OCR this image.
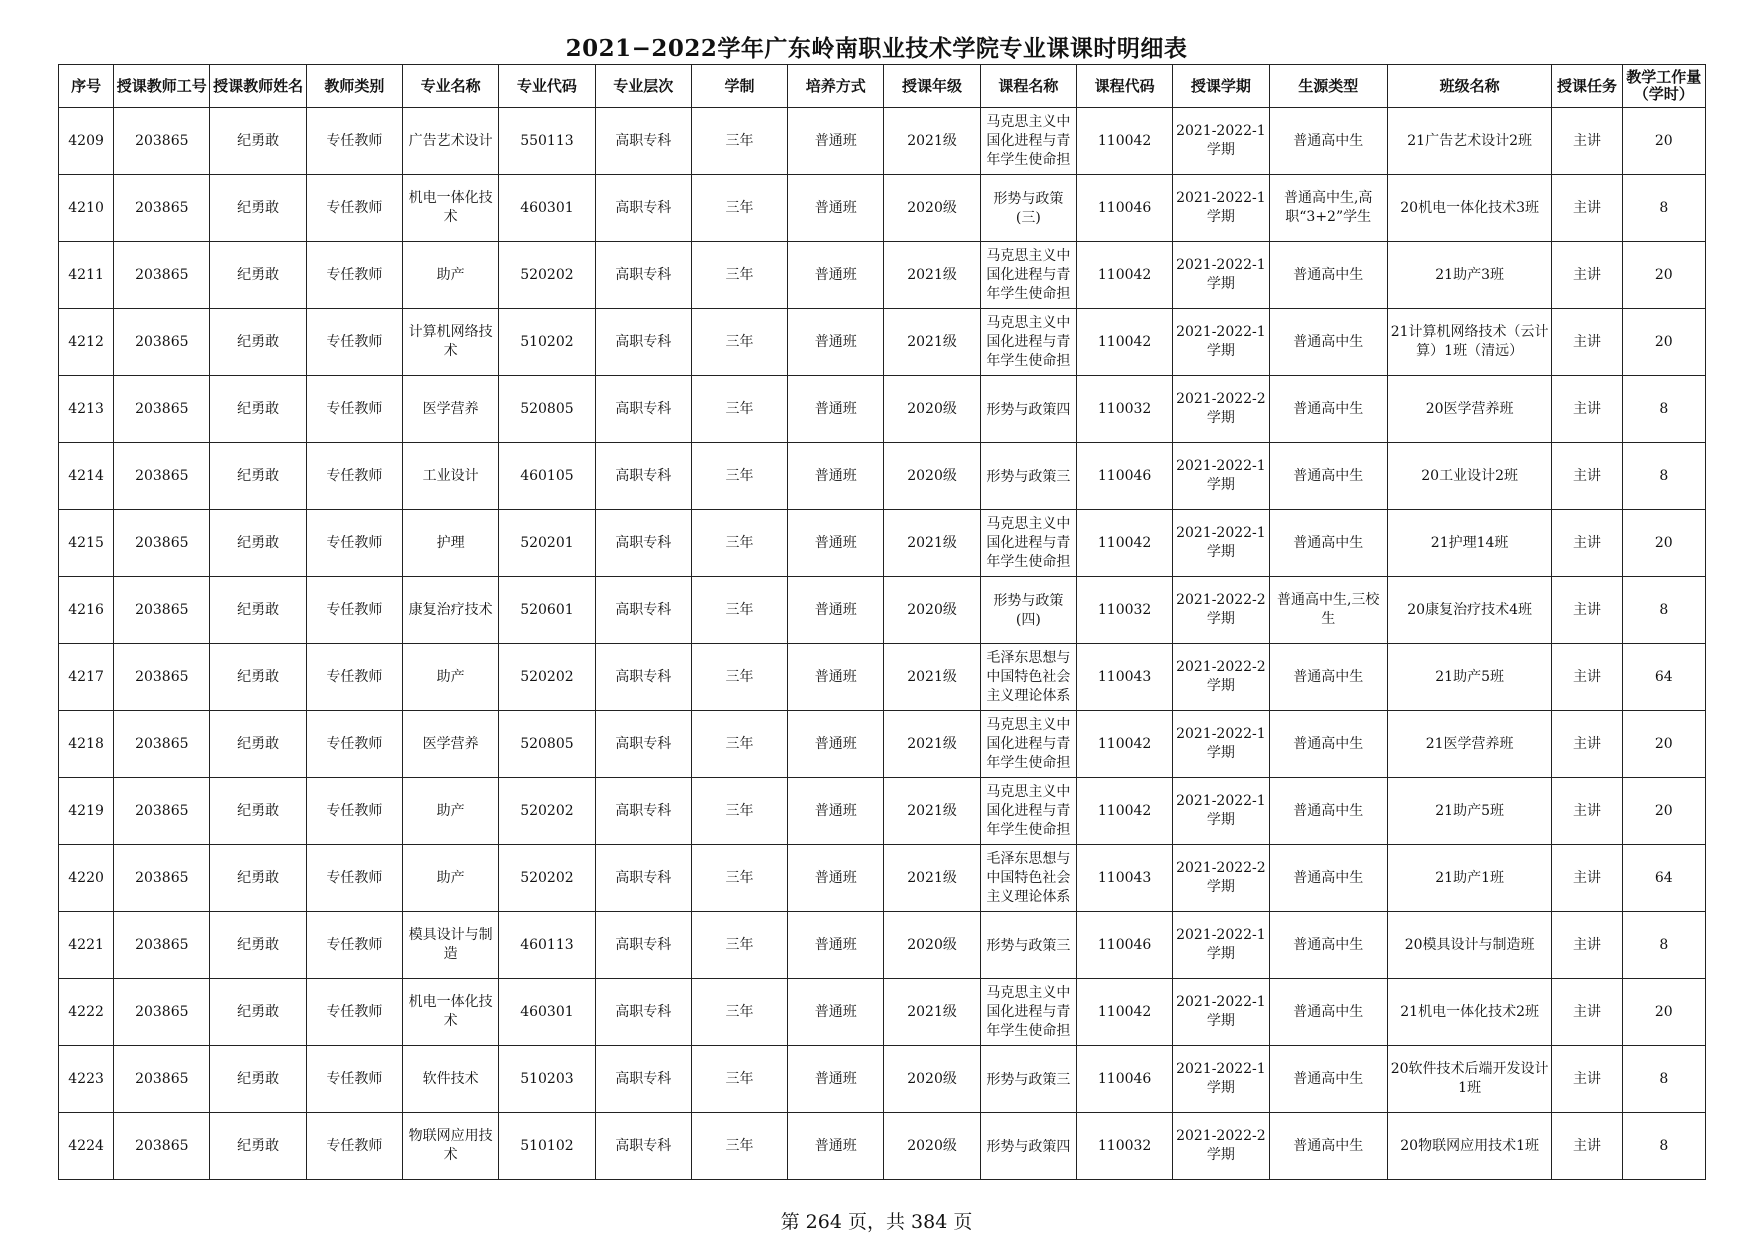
2021−2022学年广东岭南职业技术学院专业课课时明细表
序号	授课教师工号	授课教师姓名	教师类别	专业名称	专业代码	专业层次	学制	培养方式	授课年级	课程名称	课程代码	授课学期	生源类型	班级名称	授课任务	教学工作量（学时）
4209	203865	纪勇敢	专任教师	广告艺术设计	550113	高职专科	三年	普通班	2021级	马克思主义中国化进程与青年学生使命担	110042	2021-2022-1学期	普通高中生	21广告艺术设计2班	主讲	20
4210	203865	纪勇敢	专任教师	机电一体化技术	460301	高职专科	三年	普通班	2020级	形势与政策(三)	110046	2021-2022-1学期	普通高中生,高职“3+2”学生	20机电一体化技术3班	主讲	8
4211	203865	纪勇敢	专任教师	助产	520202	高职专科	三年	普通班	2021级	马克思主义中国化进程与青年学生使命担	110042	2021-2022-1学期	普通高中生	21助产3班	主讲	20
4212	203865	纪勇敢	专任教师	计算机网络技术	510202	高职专科	三年	普通班	2021级	马克思主义中国化进程与青年学生使命担	110042	2021-2022-1学期	普通高中生	21计算机网络技术（云计算）1班（清远）	主讲	20
4213	203865	纪勇敢	专任教师	医学营养	520805	高职专科	三年	普通班	2020级	形势与政策四	110032	2021-2022-2学期	普通高中生	20医学营养班	主讲	8
4214	203865	纪勇敢	专任教师	工业设计	460105	高职专科	三年	普通班	2020级	形势与政策三	110046	2021-2022-1学期	普通高中生	20工业设计2班	主讲	8
4215	203865	纪勇敢	专任教师	护理	520201	高职专科	三年	普通班	2021级	马克思主义中国化进程与青年学生使命担	110042	2021-2022-1学期	普通高中生	21护理14班	主讲	20
4216	203865	纪勇敢	专任教师	康复治疗技术	520601	高职专科	三年	普通班	2020级	形势与政策(四)	110032	2021-2022-2学期	普通高中生,三校生	20康复治疗技术4班	主讲	8
4217	203865	纪勇敢	专任教师	助产	520202	高职专科	三年	普通班	2021级	毛泽东思想与中国特色社会主义理论体系	110043	2021-2022-2学期	普通高中生	21助产5班	主讲	64
4218	203865	纪勇敢	专任教师	医学营养	520805	高职专科	三年	普通班	2021级	马克思主义中国化进程与青年学生使命担	110042	2021-2022-1学期	普通高中生	21医学营养班	主讲	20
4219	203865	纪勇敢	专任教师	助产	520202	高职专科	三年	普通班	2021级	马克思主义中国化进程与青年学生使命担	110042	2021-2022-1学期	普通高中生	21助产5班	主讲	20
4220	203865	纪勇敢	专任教师	助产	520202	高职专科	三年	普通班	2021级	毛泽东思想与中国特色社会主义理论体系	110043	2021-2022-2学期	普通高中生	21助产1班	主讲	64
4221	203865	纪勇敢	专任教师	模具设计与制造	460113	高职专科	三年	普通班	2020级	形势与政策三	110046	2021-2022-1学期	普通高中生	20模具设计与制造班	主讲	8
4222	203865	纪勇敢	专任教师	机电一体化技术	460301	高职专科	三年	普通班	2021级	马克思主义中国化进程与青年学生使命担	110042	2021-2022-1学期	普通高中生	21机电一体化技术2班	主讲	20
4223	203865	纪勇敢	专任教师	软件技术	510203	高职专科	三年	普通班	2020级	形势与政策三	110046	2021-2022-1学期	普通高中生	20软件技术后端开发设计1班	主讲	8
4224	203865	纪勇敢	专任教师	物联网应用技术	510102	高职专科	三年	普通班	2020级	形势与政策四	110032	2021-2022-2学期	普通高中生	20物联网应用技术1班	主讲	8
第 264 页，共 384 页
